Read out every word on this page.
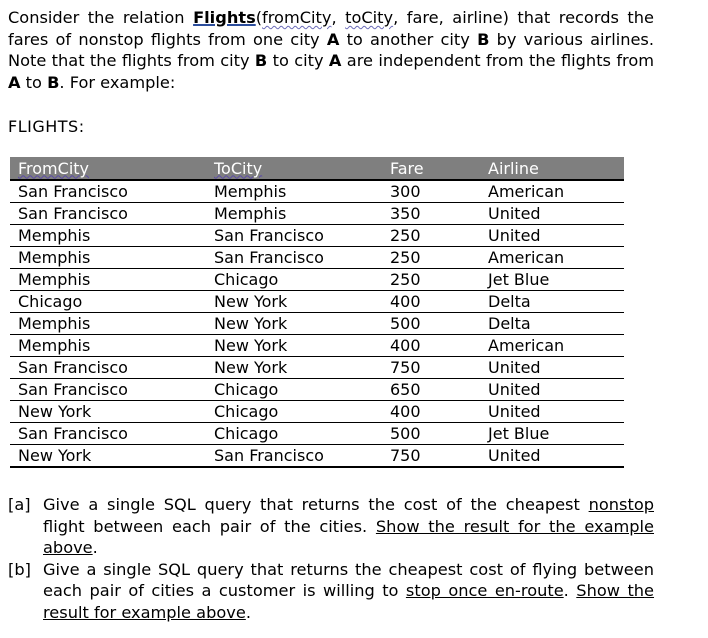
Consider the relation Flights(fromCity, toCity, fare, airline) that records the fares of nonstop flights from one city A to another city B by various airlines. Note that the flights from city B to city A are independent from the flights from A to B. For example:

FLIGHTS:

FromCity	ToCity	Fare	Airline
San Francisco	Memphis	300	American
San Francisco	Memphis	350	United
Memphis	San Francisco	250	United
Memphis	San Francisco	250	American
Memphis	Chicago	250	Jet Blue
Chicago	New York	400	Delta
Memphis	New York	500	Delta
Memphis	New York	400	American
San Francisco	New York	750	United
San Francisco	Chicago	650	United
New York	Chicago	400	United
San Francisco	Chicago	500	Jet Blue
New York	San Francisco	750	United
[a] Give a single SQL query that returns the cost of the cheapest nonstop flight between each pair of the cities. Show the result for the example above.
[b] Give a single SQL query that returns the cheapest cost of flying between each pair of cities a customer is willing to stop once en-route. Show the result for example above.
